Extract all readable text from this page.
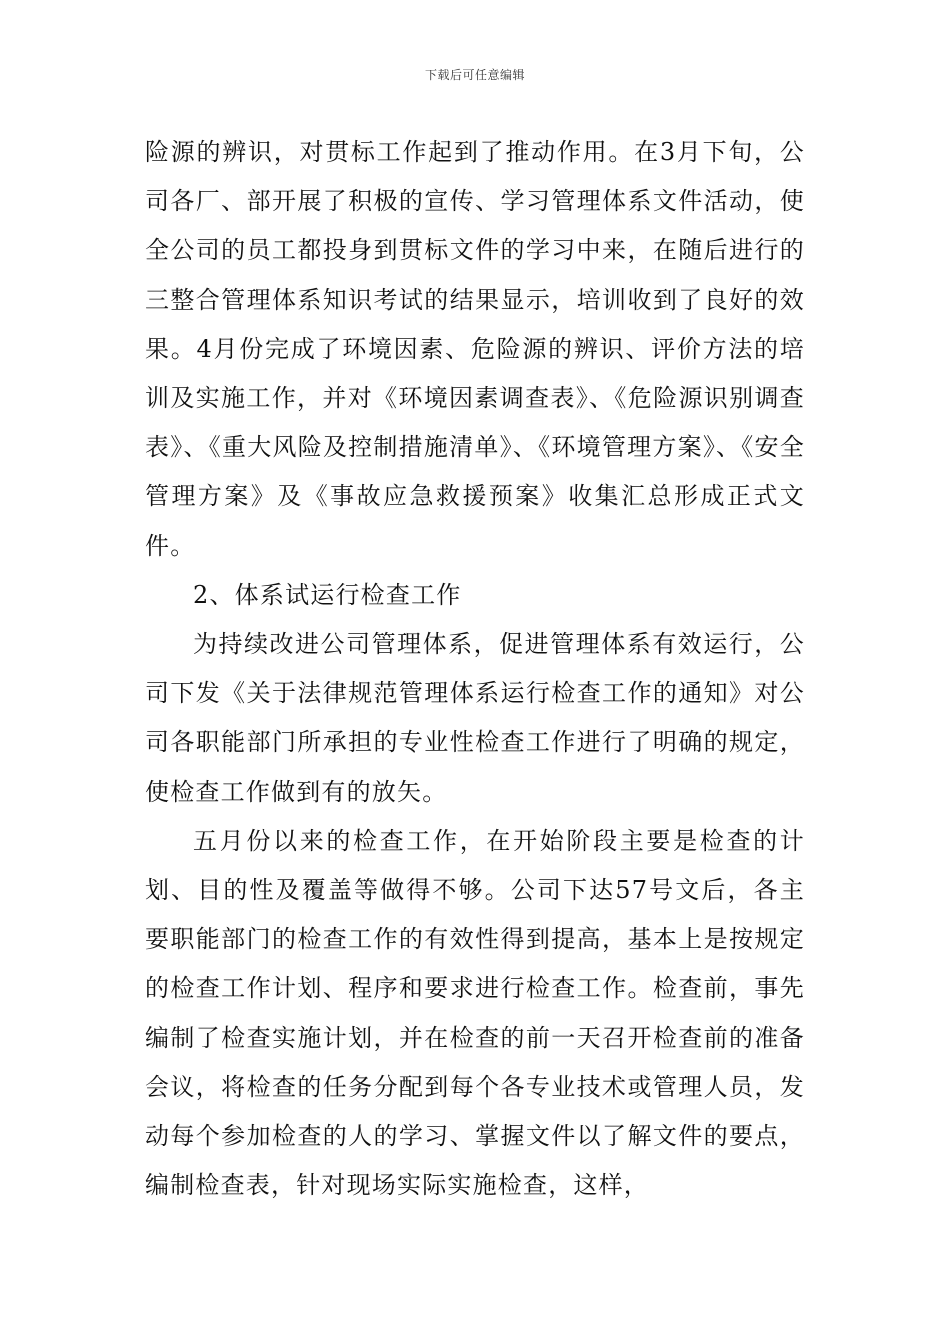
下载后可任意编辑

险源的辨识，对贯标工作起到了推动作用。在3月下旬，公司各厂、部开展了积极的宣传、学习管理体系文件活动，使全公司的员工都投身到贯标文件的学习中来，在随后进行的三整合管理体系知识考试的结果显示，培训收到了良好的效果。4月份完成了环境因素、危险源的辨识、评价方法的培训及实施工作，并对《环境因素调查表》、《危险源识别调查表》、《重大风险及控制措施清单》、《环境管理方案》、《安全管理方案》及《事故应急救援预案》收集汇总形成正式文件。

2、体系试运行检查工作

为持续改进公司管理体系，促进管理体系有效运行，公司下发《关于法律规范管理体系运行检查工作的通知》对公司各职能部门所承担的专业性检查工作进行了明确的规定，使检查工作做到有的放矢。

五月份以来的检查工作，在开始阶段主要是检查的计划、目的性及覆盖等做得不够。公司下达57号文后，各主要职能部门的检查工作的有效性得到提高，基本上是按规定的检查工作计划、程序和要求进行检查工作。检查前，事先编制了检查实施计划，并在检查的前一天召开检查前的准备会议，将检查的任务分配到每个各专业技术或管理人员，发动每个参加检查的人的学习、掌握文件以了解文件的要点，编制检查表，针对现场实际实施检查，这样，
